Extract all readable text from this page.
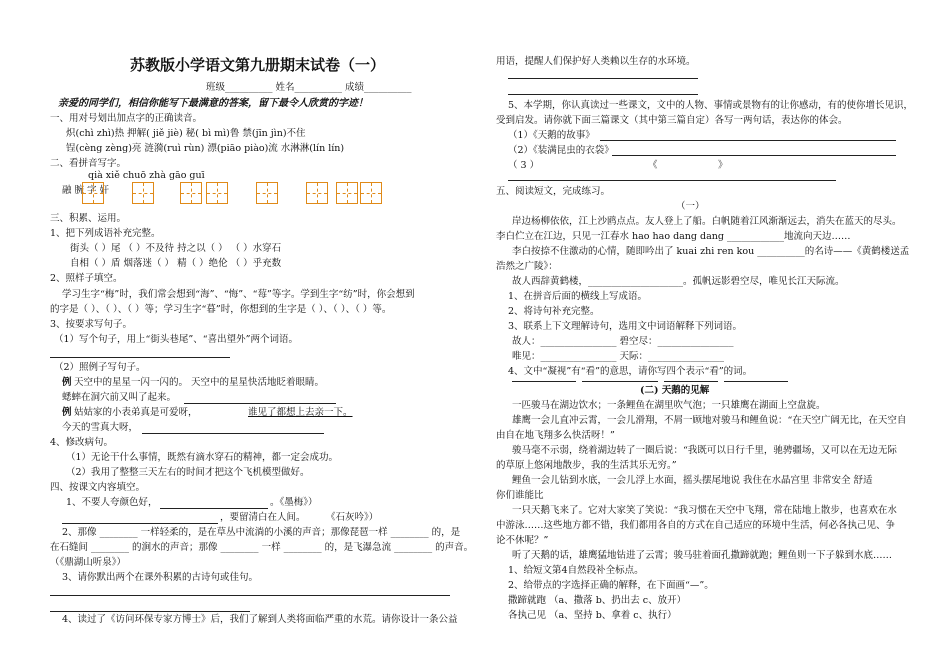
苏教版小学语文第九册期末试卷（一）
班级__________ 姓名__________ 成绩__________
亲爱的同学们，相信你能写下最满意的答案，留下最令人欣赏的字迹！
一、用对号划出加点字的正确读音。
炽(chì zhì)热 押解( jiě jiè) 秘( bì mì)鲁 禁(jīn jìn)不住
锃(cèng zèng)亮 涟漪(ruì rùn) 漂(piāo piào)流 水淋淋(lín lín)
二、看拼音写字。
qià xiě chuō zhà gāo guī
融 腕 字 奸
三、积累、运用。
1、把下列成语补充完整。
街头（ ）尾 （ ）不及待 持之以（ ） （ ）水穿石
自相（ ）盾 烟落迷（ ） 精（ ）绝伦 （ ）乎充数
2、照样子填空。
学习生字“梅”时，我们常会想到“海”、“悔”、“莓”等字。学到生字“纺”时，你会想到
的字是（ ）、（ ）、（ ）等；学习生字“暮”时，你想到的生字是（ ）、（ ）、（ ）等。
3、按要求写句子。
（1）写个句子，用上“街头巷尾”、“喜出望外”两个词语。
（2）照例子写句子。
例 天空中的星星一闪一闪的。 天空中的星星快活地眨着眼睛。
蟋蟀在洞穴前又叫了起来。
例 姑姑家的小表弟真是可爱呀，	谁见了都想上去亲一下。
今天的雪真大呀，
4、修改病句。
（1）无论干什么事情，既然有滴水穿石的精神，都一定会成功。
（2）我用了整整三天左右的时间才把这个飞机模型做好。
四、按课文内容填空。
1、不要人夸颜色好，	。《墨梅》）
，要留清白在人间。 《石灰吟》）
2、那像 ________ 一样轻柔的，是在草丛中流淌的小溪的声音；那像琵琶一样 ________ 的，是
在石缝间 ________ 的涧水的声音；那像 ________ 一样 ________ 的，是飞瀑急流 ________ 的声音。
（《鼎湖山听泉》）
3、请你默出两个在课外积累的古诗句或佳句。
4、读过了《访问环保专家方博士》后，我们了解到人类将面临严重的水荒。请你设计一条公益
用语，提醒人们保护好人类赖以生存的水环境。
5、本学期，你认真读过一些课文，文中的人物、事情或景物有的让你感动，有的使你增长见识，
受到启发。请你就下面三篇课文（其中第三篇自定）各写一两句话，表达你的体会。
（1）《天鹅的故事》
（2）《装满昆虫的衣袋》
（ 3 ）	《	》
五、阅读短文，完成练习。
（一）
岸边杨柳依依，江上沙鸥点点。友人登上了船。白帆随着江风渐渐远去，消失在蓝天的尽头。
李白伫立在江边，只见一江春水 hao hao dang dang ____________地流向天边……
李白按捺不住激动的心情，随即吟出了 kuai zhi ren kou __________的名诗——《黄鹤楼送孟
浩然之广陵》：
故人西辞黄鹤楼，____________________。孤帆远影碧空尽，唯见长江天际流。
1、在拼音后面的横线上写成语。
2、将诗句补充完整。
3、联系上下文理解诗句，选用文中词语解释下列词语。
故人：________________ 碧空尽：________________
唯见：________________ 天际：________________
4、文中“凝视”有“看”的意思，请你写四个表示“看”的词。
(二) 天鹅的见解
一匹骏马在湖边饮水；一条鲤鱼在湖里吹气泡；一只雄鹰在湖面上空盘旋。
雄鹰一会儿直冲云霄，一会儿滑翔，不屑一顾地对骏马和鲤鱼说：“在天空广阔无比，在天空自
由自在地飞翔多么快活呀！”
骏马毫不示弱，绕着湖边转了一圈后说：“我既可以日行千里，驰骋疆场，又可以在无边无际
的草原上悠闲地散步，我的生活其乐无穷。”
鲤鱼一会儿钻到水底，一会儿浮上水面，摇头摆尾地说 我住在水晶宫里 非常安全 舒适
你们谁能比
一只天鹅飞来了。它对大家笑了笑说：“我习惯在天空中飞翔，常在陆地上散步，也喜欢在水
中游泳……这些地方都不错，我们都用各自的方式在自己适应的环境中生活，何必各执己见、争
论不休呢？”
听了天鹅的话，雄鹰猛地钻进了云霄；骏马驻着面孔撒蹄就跑；鲤鱼则一下子躲到水底……
1、给短文第4自然段补全标点。
2、给带点的字选择正确的解释，在下面画“—”。
撒蹄就跑 （a、撒落 b、扔出去 c、放开）
各执己见 （a、坚持 b、拿着 c、执行）
